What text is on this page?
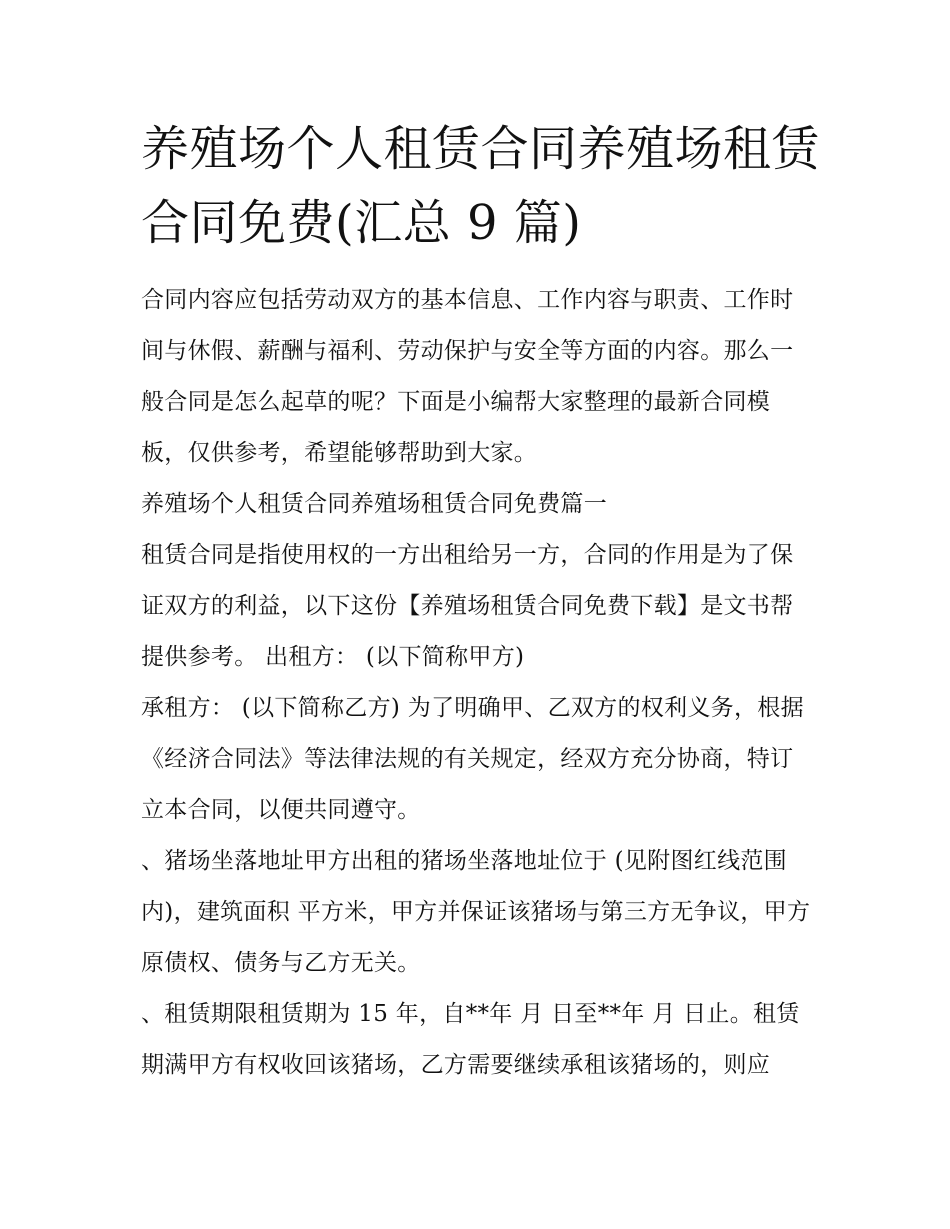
养殖场个人租赁合同养殖场租赁合同免费(汇总 9 篇)

合同内容应包括劳动双方的基本信息、工作内容与职责、工作时间与休假、薪酬与福利、劳动保护与安全等方面的内容。那么一般合同是怎么起草的呢？下面是小编帮大家整理的最新合同模板，仅供参考，希望能够帮助到大家。

养殖场个人租赁合同养殖场租赁合同免费篇一

租赁合同是指使用权的一方出租给另一方，合同的作用是为了保证双方的利益，以下这份【养殖场租赁合同免费下载】是文书帮提供参考。 出租方： (以下简称甲方)

承租方： (以下简称乙方) 为了明确甲、乙双方的权利义务，根据《经济合同法》等法律法规的有关规定，经双方充分协商，特订立本合同，以便共同遵守。

、猪场坐落地址甲方出租的猪场坐落地址位于 (见附图红线范围内)，建筑面积 平方米，甲方并保证该猪场与第三方无争议，甲方原债权、债务与乙方无关。

、租赁期限租赁期为 15 年，自**年 月 日至**年 月 日止。租赁期满甲方有权收回该猪场，乙方需要继续承租该猪场的，则应
